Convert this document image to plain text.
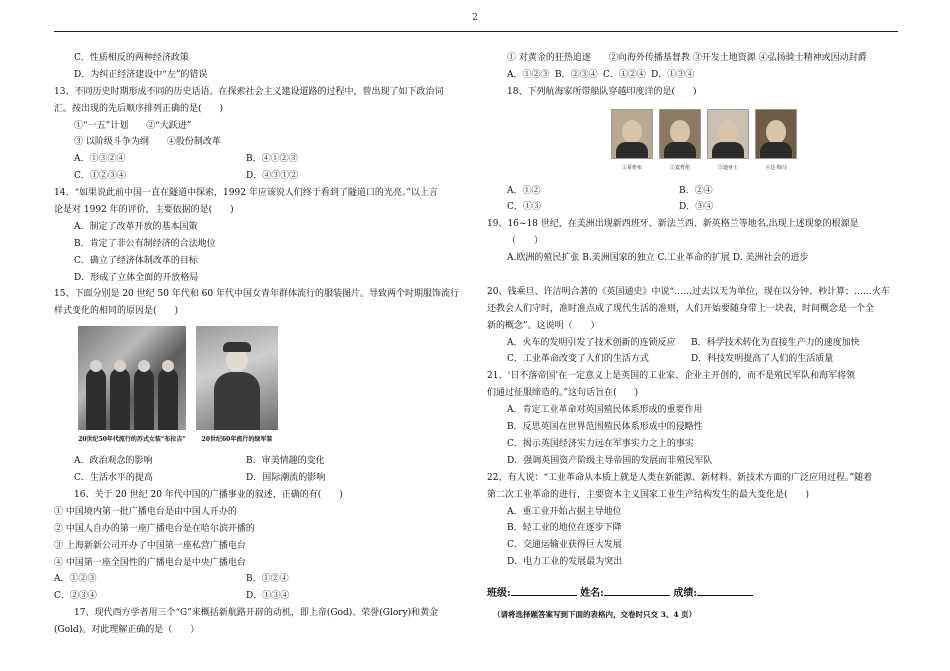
2
C．性质相反的两种经济政策
D．为纠正经济建设中“左”的错误
13、不同历史时期形成不同的历史话语。在探索社会主义建设道路的过程中，曾出现了如下政治词
汇。按出现的先后顺序排列正确的是(　　)
①“一五”计划　　②“大跃进”
③ 以阶级斗争为纲　　④股份制改革
A．①③②④	B．④①②③
C．①②③④	D．④③①②
14、“如果说此前中国一直在隧道中探索，1992 年应该说人们终于看到了隧道口的光亮。”以上言
论是对 1992 年的评价，主要依据的是(　　)
A．制定了改革开放的基本国策
B．肯定了非公有制经济的合法地位
C．确立了经济体制改革的目标
D．形成了立体全面的开放格局
15、下面分别是 20 世纪 50 年代和 60 年代中国女青年群体流行的服装图片。导致两个时期服饰流行
样式变化的相同的原因是(　　)
20世纪50年代流行的苏式女装“布拉吉”	20世纪60年流行的绿军装
A．政治观念的影响	B．审美情趣的变化
C．生活水平的提高	D．国际潮流的影响
16、关于 20 世纪 20 年代中国的广播事业的叙述，正确的有(　　)
① 中国境内第一批广播电台是由中国人开办的
② 中国人自办的第一座广播电台是在哈尔滨开播的
③ 上海新新公司开办了中国第一座私营广播电台
④ 中国第一座全国性的广播电台是中央广播电台
A．①②③	B．①②④
C．②③④	D．①③④
17、现代西方学者用三个“G”来概括新航路开辟的动机，即上帝(God)、荣誉(Glory)和黄金
(Gold)。对此理解正确的是（　　）
① 对黄金的狂热追逐　　②向海外传播基督教 ③开发土地资源 ④弘扬骑士精神或因动封爵
A．①②③ B．②③④ C．①②④ D．①③④
18、下列航海家所带船队穿越印度洋的是(　　)
①哥伦布	②麦哲伦	③迪亚士	④达·伽马
A．①②	B．②④
C．①③	D．③④
19、16~18 世纪，在美洲出现新西班牙、新法兰西、新英格兰等地名,出现上述现象的根源是
（　　）
A.欧洲的殖民扩张 B.美洲国家的独立 C.工业革命的扩展 D. 美洲社会的进步
20、钱乘旦、许洁明合著的《英国通史》中说“……过去以天为单位，现在以分钟、秒计算；……火车
还教会人们守时，准时准点成了现代生活的准则，人们开始要随身带上一块表，时间概念是一个全
新的概念”。这说明（　　）
A．火车的发明引发了技术创新的连锁反应	B．科学技术转化为直接生产力的速度加快
C．工业革命改变了人们的生活方式	D．科技发明提高了人们的生活质量
21、‘日不落帝国’在一定意义上是英国的工业家、企业主开创的，而不是殖民军队和海军将领
们通过征服缔造的。”这句话旨在(　　)
A．肯定工业革命对英国殖民体系形成的重要作用
B．反思英国在世界范围殖民体系形成中的侵略性
C．揭示英国经济实力远在军事实力之上的事实
D．强调英国资产阶级主导帝国的发展而非殖民军队
22、有人说：“工业革命从本质上就是人类在新能源、新材料、新技术方面的广泛应用过程。”随着
第二次工业革命的进行，主要资本主义国家工业生产结构发生的最大变化是(　　)
A．重工业开始占据主导地位
B．轻工业的地位在逐步下降
C．交通运输业获得巨大发展
D．电力工业的发展最为突出
班级:	姓名:	成绩:
（请将选择题答案写到下面的表格内，交卷时只交 3、4 页）
